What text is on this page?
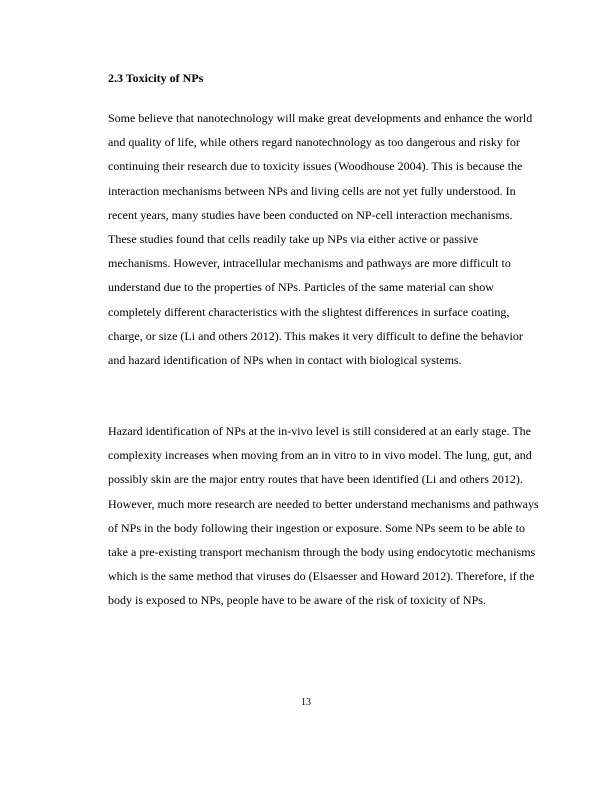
2.3 Toxicity of NPs
Some believe that nanotechnology will make great developments and enhance the world
and quality of life, while others regard nanotechnology as too dangerous and risky for
continuing their research due to toxicity issues (Woodhouse 2004). This is because the
interaction mechanisms between NPs and living cells are not yet fully understood. In
recent years, many studies have been conducted on NP-cell interaction mechanisms.
These studies found that cells readily take up NPs via either active or passive
mechanisms. However, intracellular mechanisms and pathways are more difficult to
understand due to the properties of NPs. Particles of the same material can show
completely different characteristics with the slightest differences in surface coating,
charge, or size (Li and others 2012). This makes it very difficult to define the behavior
and hazard identification of NPs when in contact with biological systems.
Hazard identification of NPs at the in-vivo level is still considered at an early stage. The
complexity increases when moving from an in vitro to in vivo model. The lung, gut, and
possibly skin are the major entry routes that have been identified (Li and others 2012).
However, much more research are needed to better understand mechanisms and pathways
of NPs in the body following their ingestion or exposure. Some NPs seem to be able to
take a pre-existing transport mechanism through the body using endocytotic mechanisms
which is the same method that viruses do (Elsaesser and Howard 2012). Therefore, if the
body is exposed to NPs, people have to be aware of the risk of toxicity of NPs.
13
